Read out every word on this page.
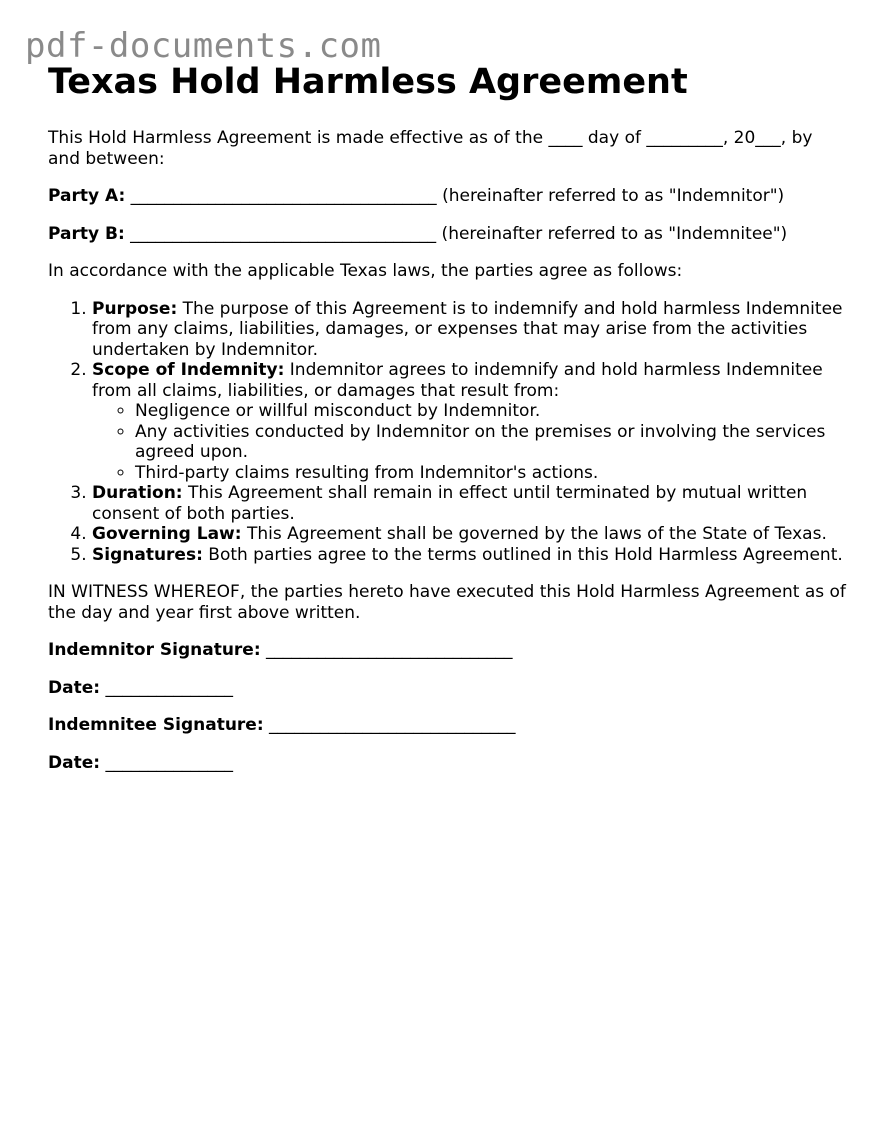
pdf-documents.com
Texas Hold Harmless Agreement

This Hold Harmless Agreement is made effective as of the ____ day of _________, 20___, by and between:

Party A: ____________________________________ (hereinafter referred to as "Indemnitor")

Party B: ____________________________________ (hereinafter referred to as "Indemnitee")

In accordance with the applicable Texas laws, the parties agree as follows:

1. Purpose: The purpose of this Agreement is to indemnify and hold harmless Indemnitee from any claims, liabilities, damages, or expenses that may arise from the activities undertaken by Indemnitor.
2. Scope of Indemnity: Indemnitor agrees to indemnify and hold harmless Indemnitee from all claims, liabilities, or damages that result from:
◦ Negligence or willful misconduct by Indemnitor.
◦ Any activities conducted by Indemnitor on the premises or involving the services agreed upon.
◦ Third-party claims resulting from Indemnitor's actions.
3. Duration: This Agreement shall remain in effect until terminated by mutual written consent of both parties.
4. Governing Law: This Agreement shall be governed by the laws of the State of Texas.
5. Signatures: Both parties agree to the terms outlined in this Hold Harmless Agreement.

IN WITNESS WHEREOF, the parties hereto have executed this Hold Harmless Agreement as of the day and year first above written.

Indemnitor Signature: _____________________________

Date: _______________

Indemnitee Signature: _____________________________

Date: _______________
